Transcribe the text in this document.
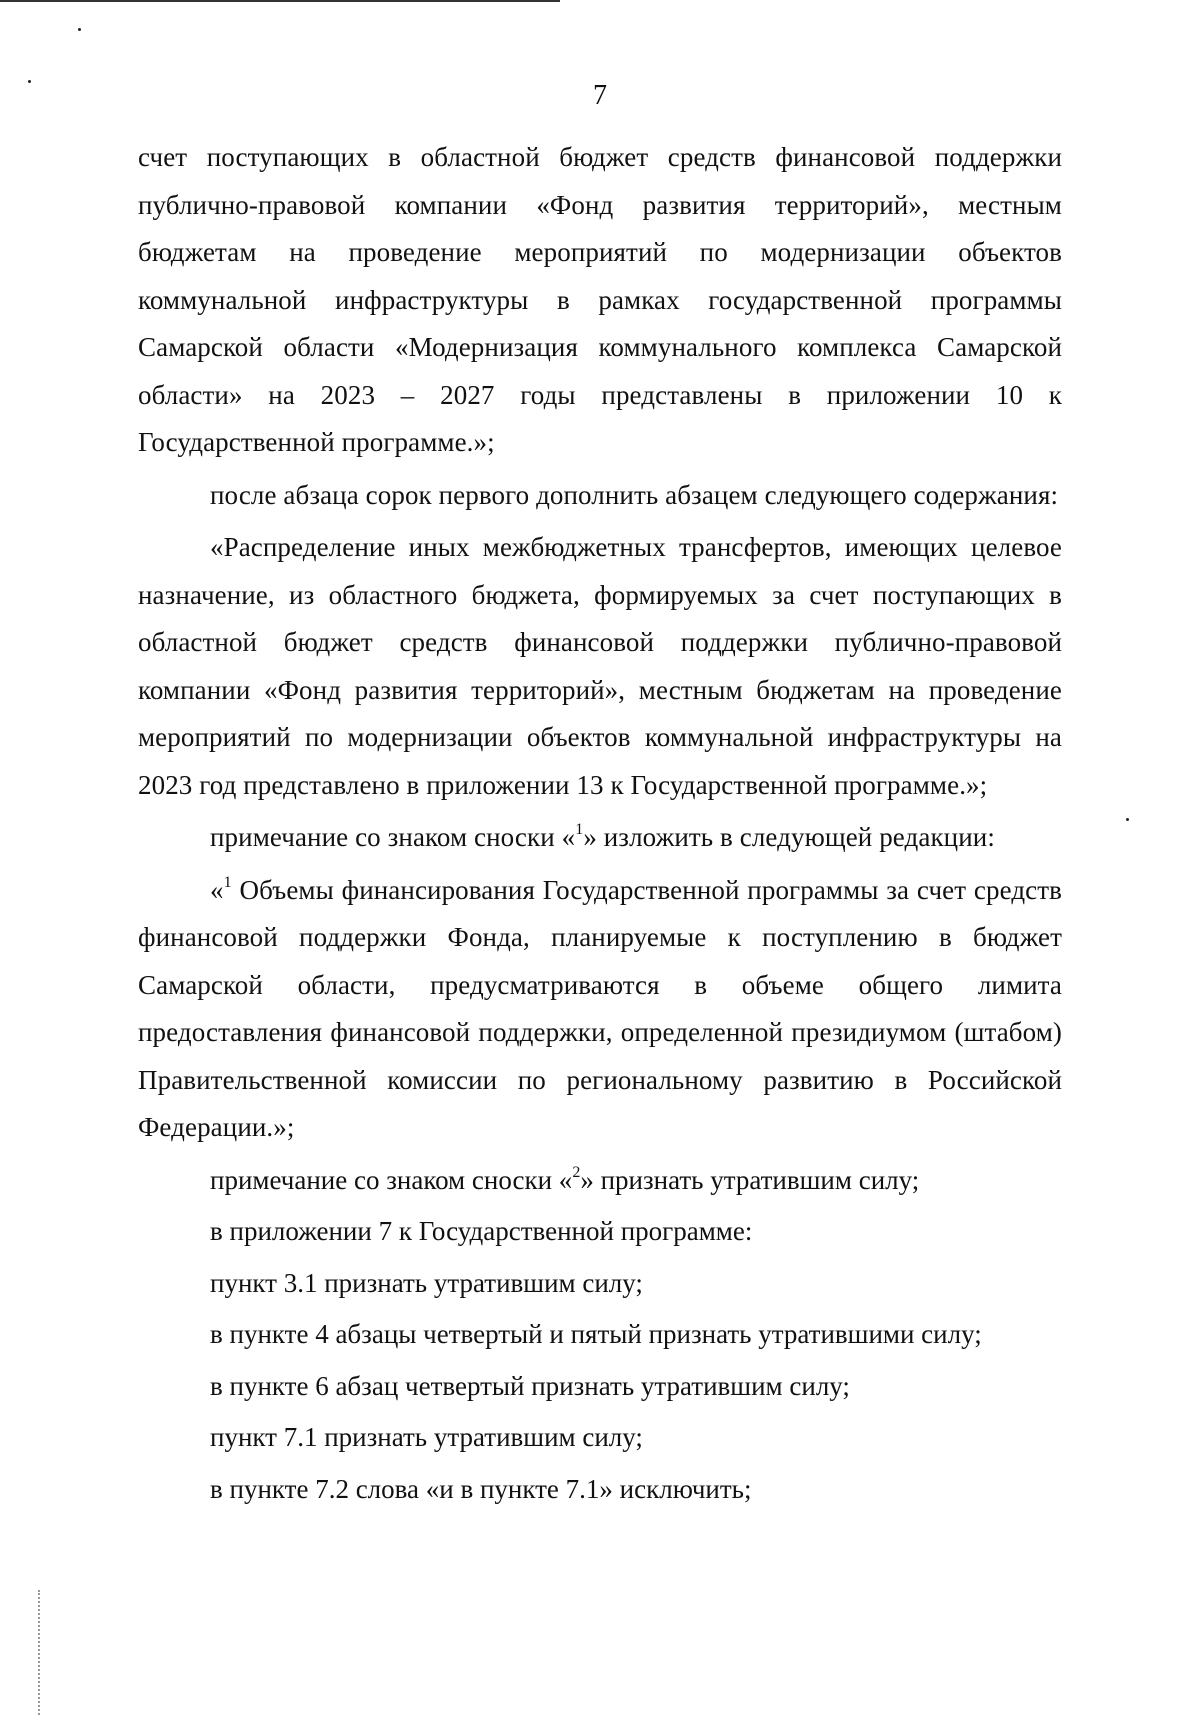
7

счет поступающих в областной бюджет средств финансовой поддержки публично-правовой компании «Фонд развития территорий», местным бюджетам на проведение мероприятий по модернизации объектов коммунальной инфраструктуры в рамках государственной программы Самарской области «Модернизация коммунального комплекса Самарской области» на 2023 – 2027 годы представлены в приложении 10 к Государственной программе.»;

после абзаца сорок первого дополнить абзацем следующего содержания:

«Распределение иных межбюджетных трансфертов, имеющих целевое назначение, из областного бюджета, формируемых за счет поступающих в областной бюджет средств финансовой поддержки публично-правовой компании «Фонд развития территорий», местным бюджетам на проведение мероприятий по модернизации объектов коммунальной инфраструктуры на 2023 год представлено в приложении 13 к Государственной программе.»;

примечание со знаком сноски «$^1$» изложить в следующей редакции:

«$^1$ Объемы финансирования Государственной программы за счет средств финансовой поддержки Фонда, планируемые к поступлению в бюджет Самарской области, предусматриваются в объеме общего лимита предоставления финансовой поддержки, определенной президиумом (штабом) Правительственной комиссии по региональному развитию в Российской Федерации.»;

примечание со знаком сноски «$^2$» признать утратившим силу;

в приложении 7 к Государственной программе:

пункт 3.1 признать утратившим силу;

в пункте 4 абзацы четвертый и пятый признать утратившими силу;

в пункте 6 абзац четвертый признать утратившим силу;

пункт 7.1 признать утратившим силу;

в пункте 7.2 слова «и в пункте 7.1» исключить;
